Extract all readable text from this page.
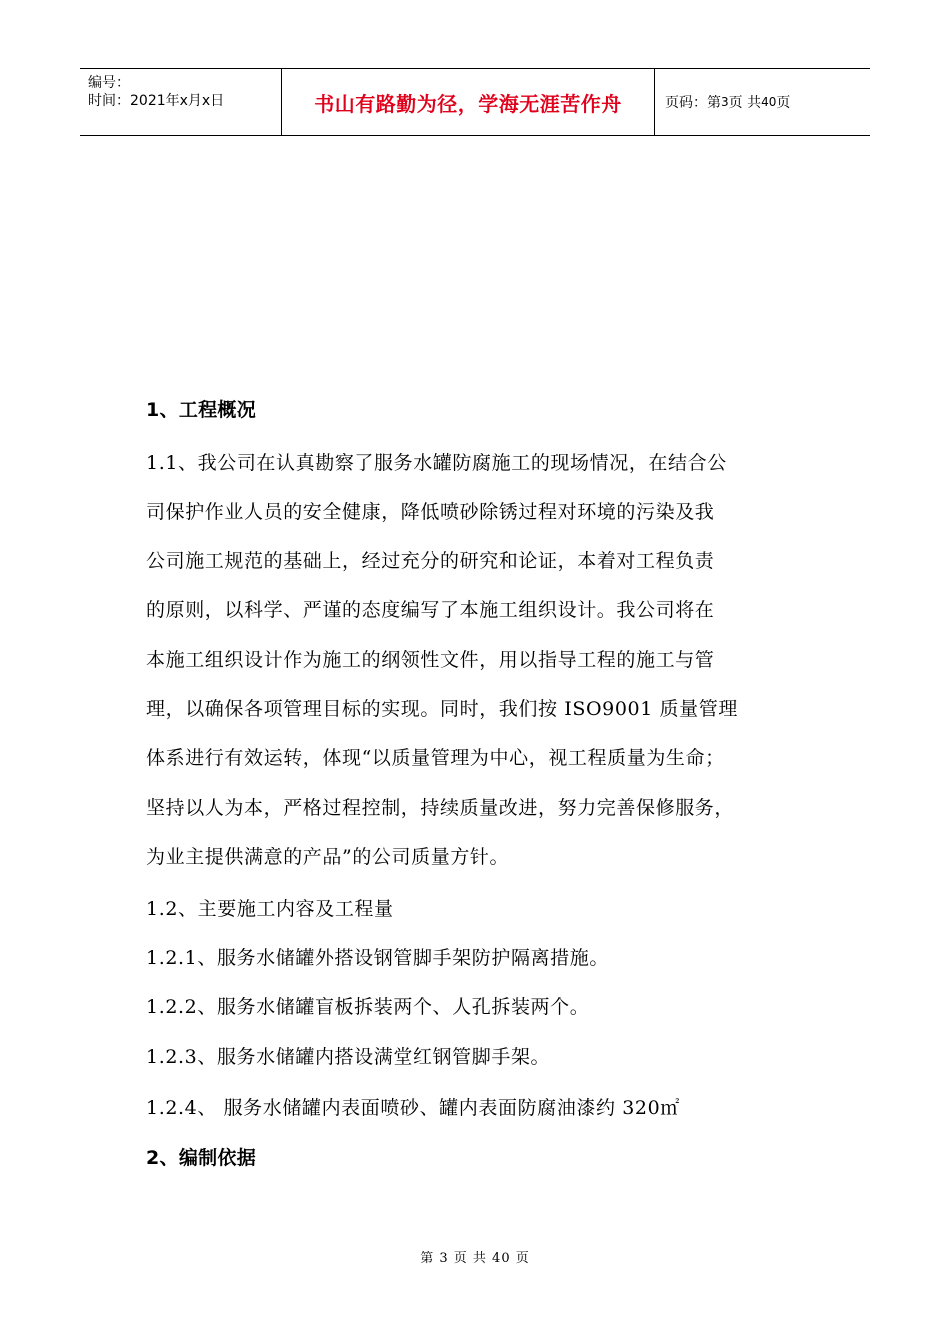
编号：
时间：2021年x月x日	书山有路勤为径，学海无涯苦作舟	页码：第 3 页 共 40 页
1、工程概况
1.1、我公司在认真勘察了服务水罐防腐施工的现场情况，在结合公
司保护作业人员的安全健康，降低喷砂除锈过程对环境的污染及我
公司施工规范的基础上，经过充分的研究和论证，本着对工程负责
的原则，以科学、严谨的态度编写了本施工组织设计。我公司将在
本施工组织设计作为施工的纲领性文件，用以指导工程的施工与管
理，以确保各项管理目标的实现。同时，我们按 ISO9001 质量管理
体系进行有效运转，体现“以质量管理为中心，视工程质量为生命；
坚持以人为本，严格过程控制，持续质量改进，努力完善保修服务，
为业主提供满意的产品”的公司质量方针。
1.2、主要施工内容及工程量
1.2.1、服务水储罐外搭设钢管脚手架防护隔离措施。
1.2.2、服务水储罐盲板拆装两个、人孔拆装两个。
1.2.3、服务水储罐内搭设满堂红钢管脚手架。
1.2.4、 服务水储罐内表面喷砂、罐内表面防腐油漆约 320㎡
2、编制依据
第 3 页 共 40 页
